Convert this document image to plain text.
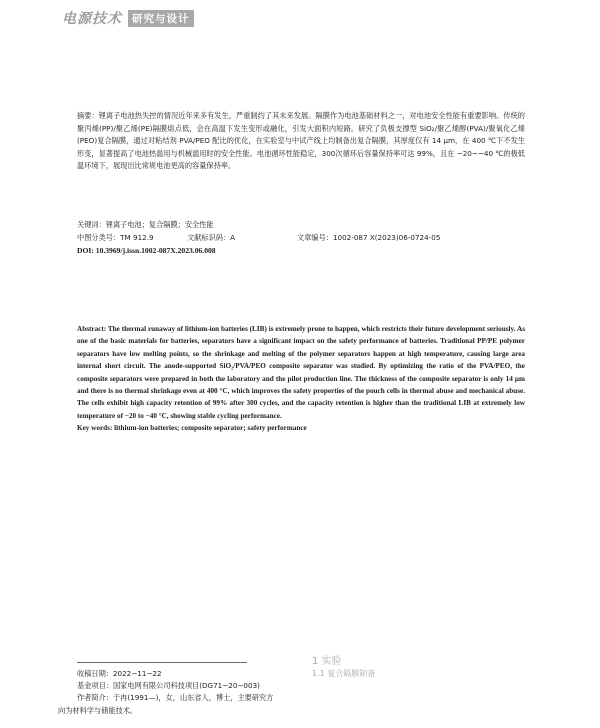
电源技术 研究与设计

摘要：锂离子电池热失控的情况近年来多有发生，严重制约了其未来发展。隔膜作为电池基础材料之一，对电池安全性能有重要影响。传统的聚丙烯(PP)/聚乙烯(PE)隔膜熔点低，会在高温下发生变形或融化，引发大面积内短路。研究了负极支撑型 SiO₂/聚乙烯醇(PVA)/聚氧化乙烯(PEO)复合隔膜，通过对粘结剂 PVA/PEO 配比的优化，在实验室与中试产线上均制备出复合隔膜，其厚度仅有 14 μm，在 400 ℃下不发生形变，显著提高了电池热滥用与机械滥用时的安全性能。电池循环性能稳定，300次循环后容量保持率可达 99%，且在 −20~−40 ℃的极低温环境下，展现出比常规电池更高的容量保持率。

关键词：锂离子电池；复合隔膜；安全性能
中图分类号：TM 912.9	文献标识码：A	文章编号：1002-087 X(2023)06-0724-05
DOI: 10.3969/j.issn.1002-087X.2023.06.008

Abstract: The thermal runaway of lithium-ion batteries (LIB) is extremely prone to happen, which restricts their future development seriously. As one of the basic materials for batteries, separators have a significant impact on the safety performance of batteries. Traditional PP/PE polymer separators have low melting points, so the shrinkage and melting of the polymer separators happen at high temperature, causing large area internal short circuit. The anode-supported SiO₂/PVA/PEO composite separator was studied. By optimizing the ratio of the PVA/PEO, the composite separators were prepared in both the laboratory and the pilot production line. The thickness of the composite separator is only 14 μm and there is no thermal shrinkage even at 400 °C, which improves the safety properties of the pouch cells in thermal abuse and mechanical abuse. The cells exhibit high capacity retention of 99% after 300 cycles, and the capacity retention is higher than the traditional LIB at extremely low temperature of −20 to −40 °C, showing stable cycling performance.

Key words: lithium-ion batteries; composite separator; safety performance

1 实验
1.1 复合隔膜制备

收稿日期：2022−11−22

基金项目：国家电网有限公司科技项目(DG71−20−003)

作者简介：于冉(1991—)，女，山东省人，博士，主要研究方

向为材料学与储能技术。
